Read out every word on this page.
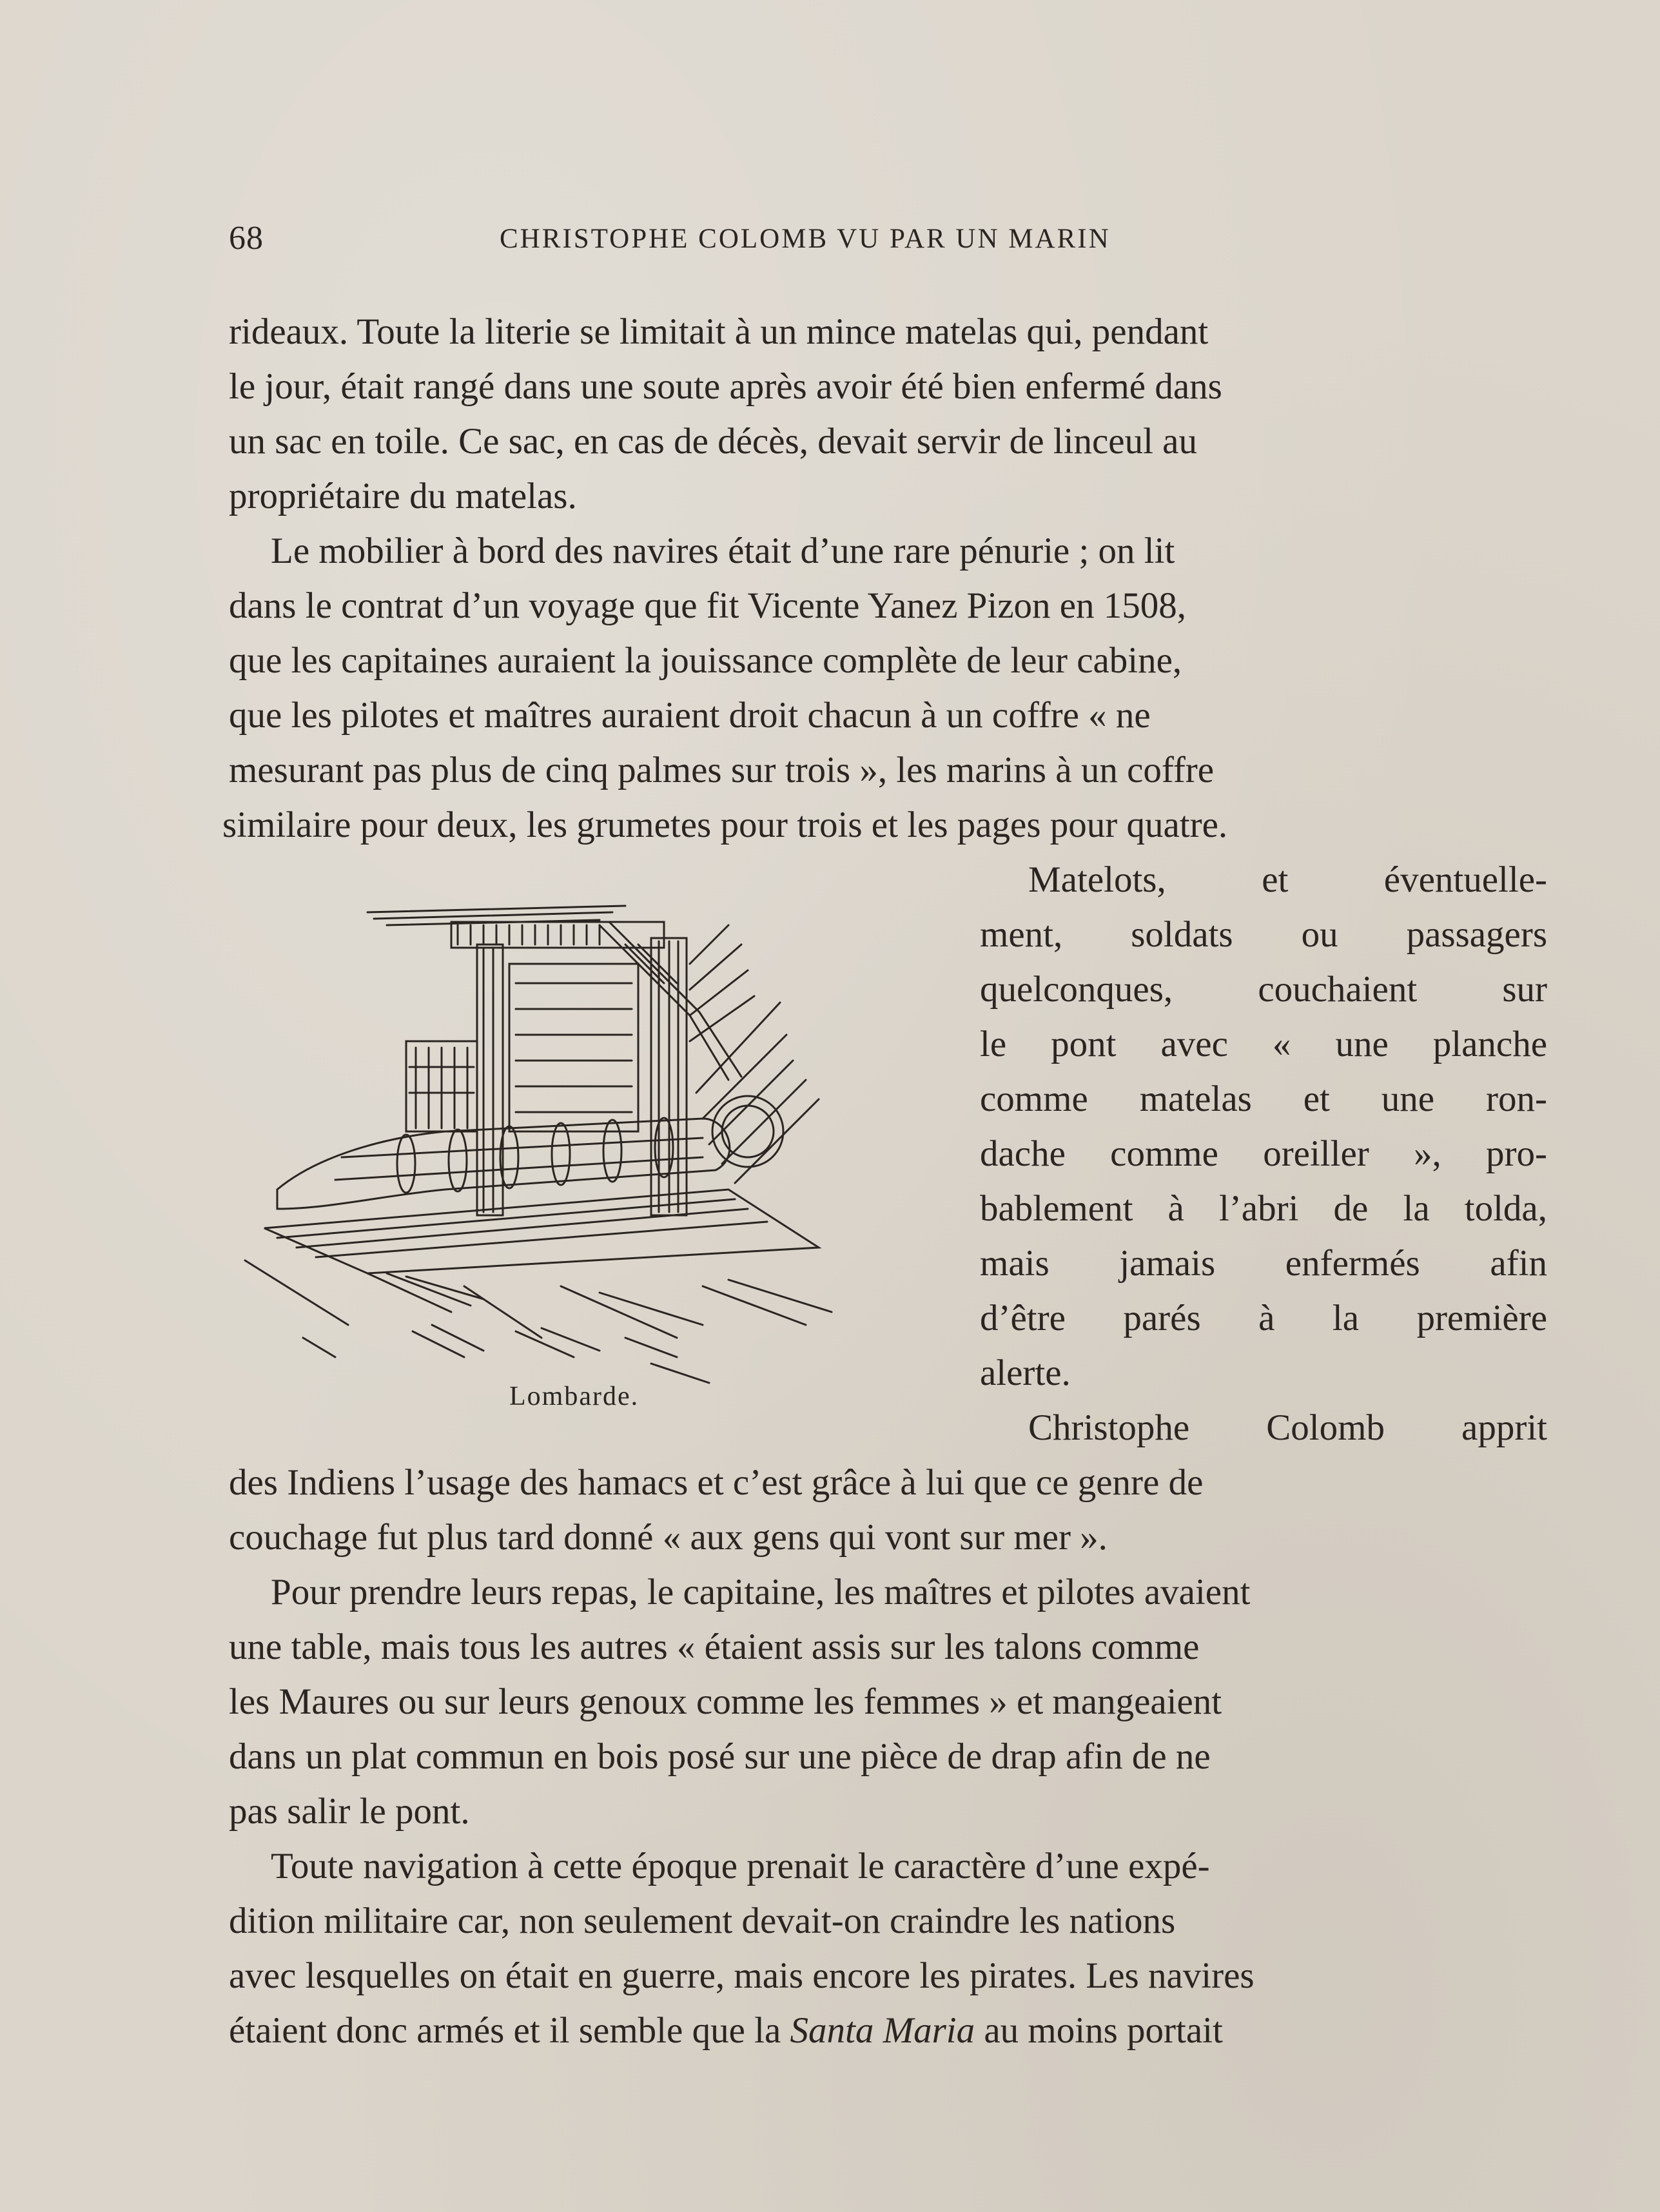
68	CHRISTOPHE COLOMB VU PAR UN MARIN
rideaux. Toute la literie se limitait à un mince matelas qui, pendant
le jour, était rangé dans une soute après avoir été bien enfermé dans
un sac en toile. Ce sac, en cas de décès, devait servir de linceul au
propriétaire du matelas.
Le mobilier à bord des navires était d’une rare pénurie ; on lit
dans le contrat d’un voyage que fit Vicente Yanez Pizon en 1508,
que les capitaines auraient la jouissance complète de leur cabine,
que les pilotes et maîtres auraient droit chacun à un coffre « ne
mesurant pas plus de cinq palmes sur trois », les marins à un coffre
similaire pour deux, les grumetes pour trois et les pages pour quatre.
Matelots, et éventuelle-
ment, soldats ou passagers
quelconques, couchaient sur
le pont avec « une planche
comme matelas et une ron-
dache comme oreiller », pro-
bablement à l’abri de la tolda,
mais jamais enfermés afin
d’être parés à la première
alerte.
Christophe Colomb apprit
des Indiens l’usage des hamacs et c’est grâce à lui que ce genre de
couchage fut plus tard donné « aux gens qui vont sur mer ».
Pour prendre leurs repas, le capitaine, les maîtres et pilotes avaient
une table, mais tous les autres « étaient assis sur les talons comme
les Maures ou sur leurs genoux comme les femmes » et mangeaient
dans un plat commun en bois posé sur une pièce de drap afin de ne
pas salir le pont.
Toute navigation à cette époque prenait le caractère d’une expé-
dition militaire car, non seulement devait-on craindre les nations
avec lesquelles on était en guerre, mais encore les pirates. Les navires
étaient donc armés et il semble que la Santa Maria au moins portait
Lombarde.
